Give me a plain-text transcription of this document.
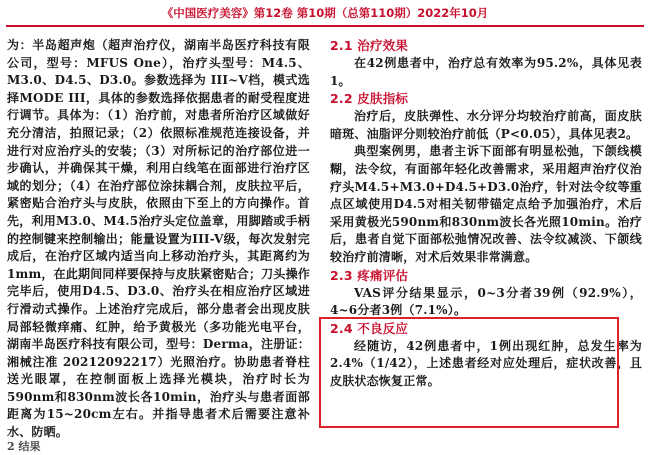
《中国医疗美容》第12卷 第10期（总第110期）2022年10月

为：半岛超声炮（超声治疗仪，湖南半岛医疗科技有限公司，型号：MFUS One），治疗头型号：M4.5、M3.0、D4.5、D3.0。参数选择为 III~V档，模式选择MODE III，具体的参数选择依据患者的耐受程度进行调节。具体为：（1）治疗前，对患者所治疗区域做好充分清洁，拍照记录；（2）依照标准规范连接设备，并进行对应治疗头的安装；（3）对所标记的治疗部位进一步确认，并确保其干燥，利用白线笔在面部进行治疗区域的划分；（4）在治疗部位涂抹耦合剂，皮肤拉平后，紧密贴合治疗头与皮肤，依照由下至上的方向操作。首先，利用M3.0、M4.5治疗头定位盖章，用脚踏或手柄的控制键来控制输出；能量设置为III-V级，每次发射完成后，在治疗区域内适当向上移动治疗头，其距离约为1mm，在此期间同样要保持与皮肤紧密贴合；刀头操作完毕后，使用D4.5、D3.0、治疗头在相应治疗区域进行滑动式操作。上述治疗完成后，部分患者会出现皮肤局部轻微痒痛、红肿，给予黄极光（多功能光电平台，湖南半岛医疗科技有限公司，型号：Derma，注册证：湘械注准 20212092217）光照治疗。协助患者脊柱送光眼罩，在控制面板上选择光模块，治疗时长为590nm和830nm波长各10min，治疗头与患者面部距离为15~20cm左右。并指导患者术后需要注意补水、防晒。

2 结果

2.1 治疗效果

在42例患者中，治疗总有效率为95.2%，具体见表1。

2.2 皮肤指标

治疗后，皮肤弹性、水分评分均较治疗前高，面皮肤暗斑、油脂评分则较治疗前低（P<0.05），具体见表2。

典型案例男，患者主诉下面部有明显松弛，下颌线模糊，法令纹，有面部年轻化改善需求，采用超声治疗仪治疗头M4.5+M3.0+D4.5+D3.0治疗，针对法令纹等重点区域使用D4.5对相关韧带锚定点给予加强治疗，术后采用黄极光590nm和830nm波长各光照10min。治疗后，患者自觉下面部松弛情况改善、法令纹减淡、下颌线较治疗前清晰，对术后效果非常满意。

2.3 疼痛评估

VAS评分结果显示，0~3分者39例（92.9%），4~6分者3例（7.1%）。

2.4 不良反应

经随访，42例患者中，1例出现红肿，总发生率为2.4%（1/42），上述患者经对应处理后，症状改善，且皮肤状态恢复正常。
